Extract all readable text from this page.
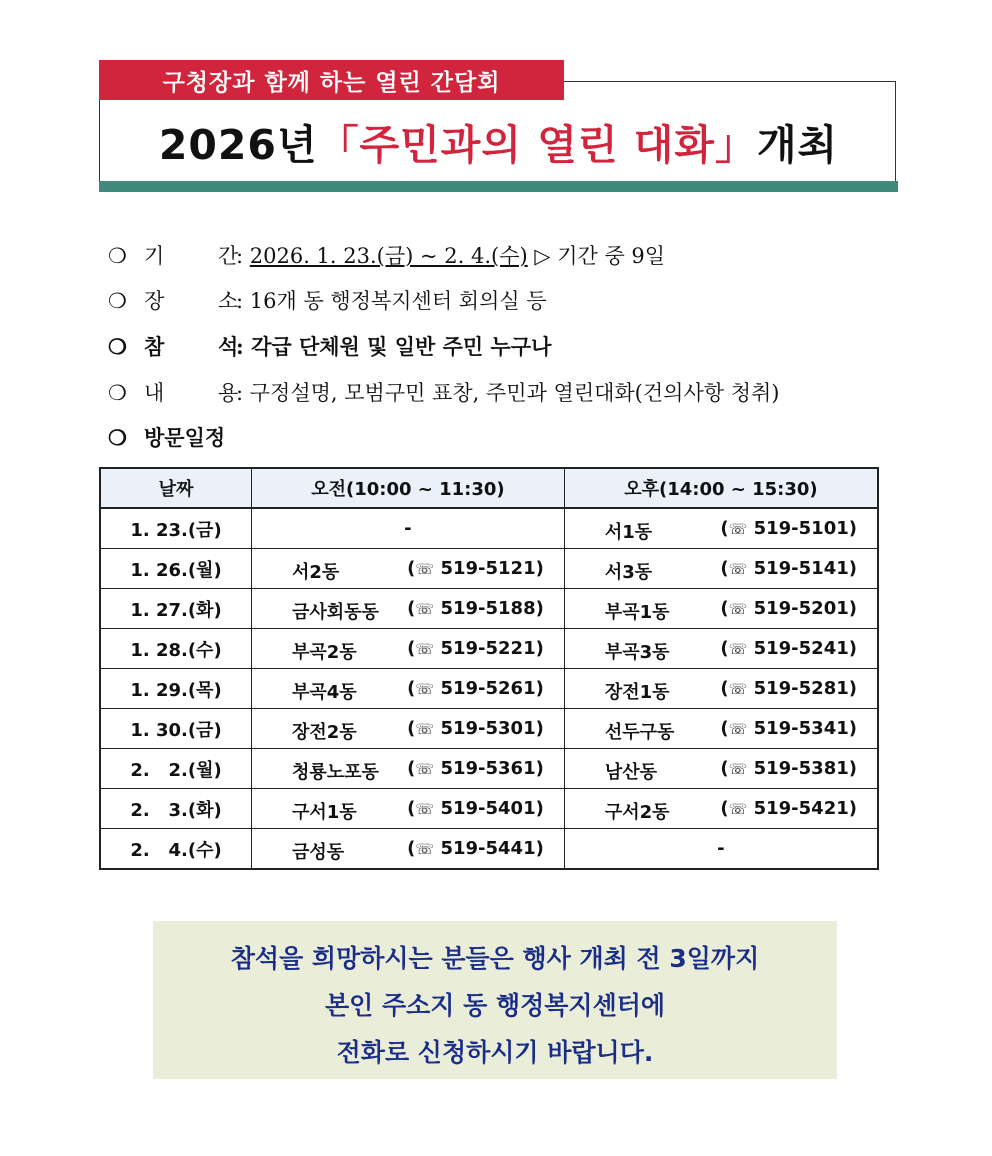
구청장과 함께 하는 열린 간담회
2026년「주민과의 열린 대화」개최
❍ 기	간: 2026. 1. 23.(금) ~ 2. 4.(수) ▷ 기간 중 9일
❍ 장	소: 16개 동 행정복지센터 회의실 등
❍ 참	석: 각급 단체원 및 일반 주민 누구나
❍ 내	용: 구정설명, 모범구민 표창, 주민과 열린대화(건의사항 청취)
❍ 방문일정
날짜	오전(10:00 ~ 11:30)	오후(14:00 ~ 15:30)
1. 23.(금)	-	서1동 (☏ 519-5101)

1. 26.(월)	서2동 (☏ 519-5121)	서3동 (☏ 519-5141)

1. 27.(화)	금사회동동 (☏ 519-5188)	부곡1동 (☏ 519-5201)

1. 28.(수)	부곡2동 (☏ 519-5221)	부곡3동 (☏ 519-5241)

1. 29.(목)	부곡4동 (☏ 519-5261)	장전1동 (☏ 519-5281)

1. 30.(금)	장전2동 (☏ 519-5301)	선두구동 (☏ 519-5341)

2.   2.(월)	청룡노포동 (☏ 519-5361)	남산동 (☏ 519-5381)

2.   3.(화)	구서1동 (☏ 519-5401)	구서2동 (☏ 519-5421)

2.   4.(수)	금성동 (☏ 519-5441)	-
참석을 희망하시는 분들은 행사 개최 전 3일까지
본인 주소지 동 행정복지센터에
전화로 신청하시기 바랍니다.
